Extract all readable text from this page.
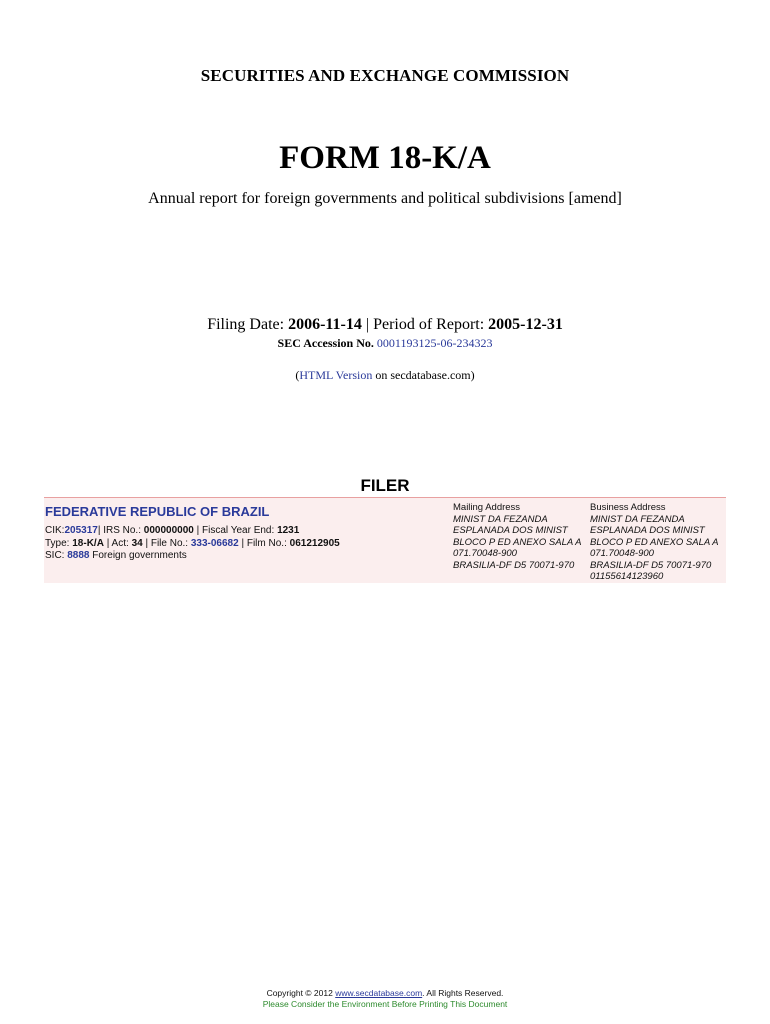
SECURITIES AND EXCHANGE COMMISSION
FORM 18-K/A
Annual report for foreign governments and political subdivisions [amend]
Filing Date: 2006-11-14 | Period of Report: 2005-12-31
SEC Accession No. 0001193125-06-234323
(HTML Version on secdatabase.com)
FILER
FEDERATIVE REPUBLIC OF BRAZIL
CIK:205317| IRS No.: 000000000 | Fiscal Year End: 1231
Type: 18-K/A | Act: 34 | File No.: 333-06682 | Film No.: 061212905
SIC: 8888 Foreign governments
Mailing Address
MINIST DA FEZANDA
ESPLANADA DOS MINIST
BLOCO P ED ANEXO SALA A
071.70048-900
BRASILIA-DF D5 70071-970
Business Address
MINIST DA FEZANDA
ESPLANADA DOS MINIST
BLOCO P ED ANEXO SALA A
071.70048-900
BRASILIA-DF D5 70071-970
01155614123960
Copyright © 2012 www.secdatabase.com. All Rights Reserved.
Please Consider the Environment Before Printing This Document
